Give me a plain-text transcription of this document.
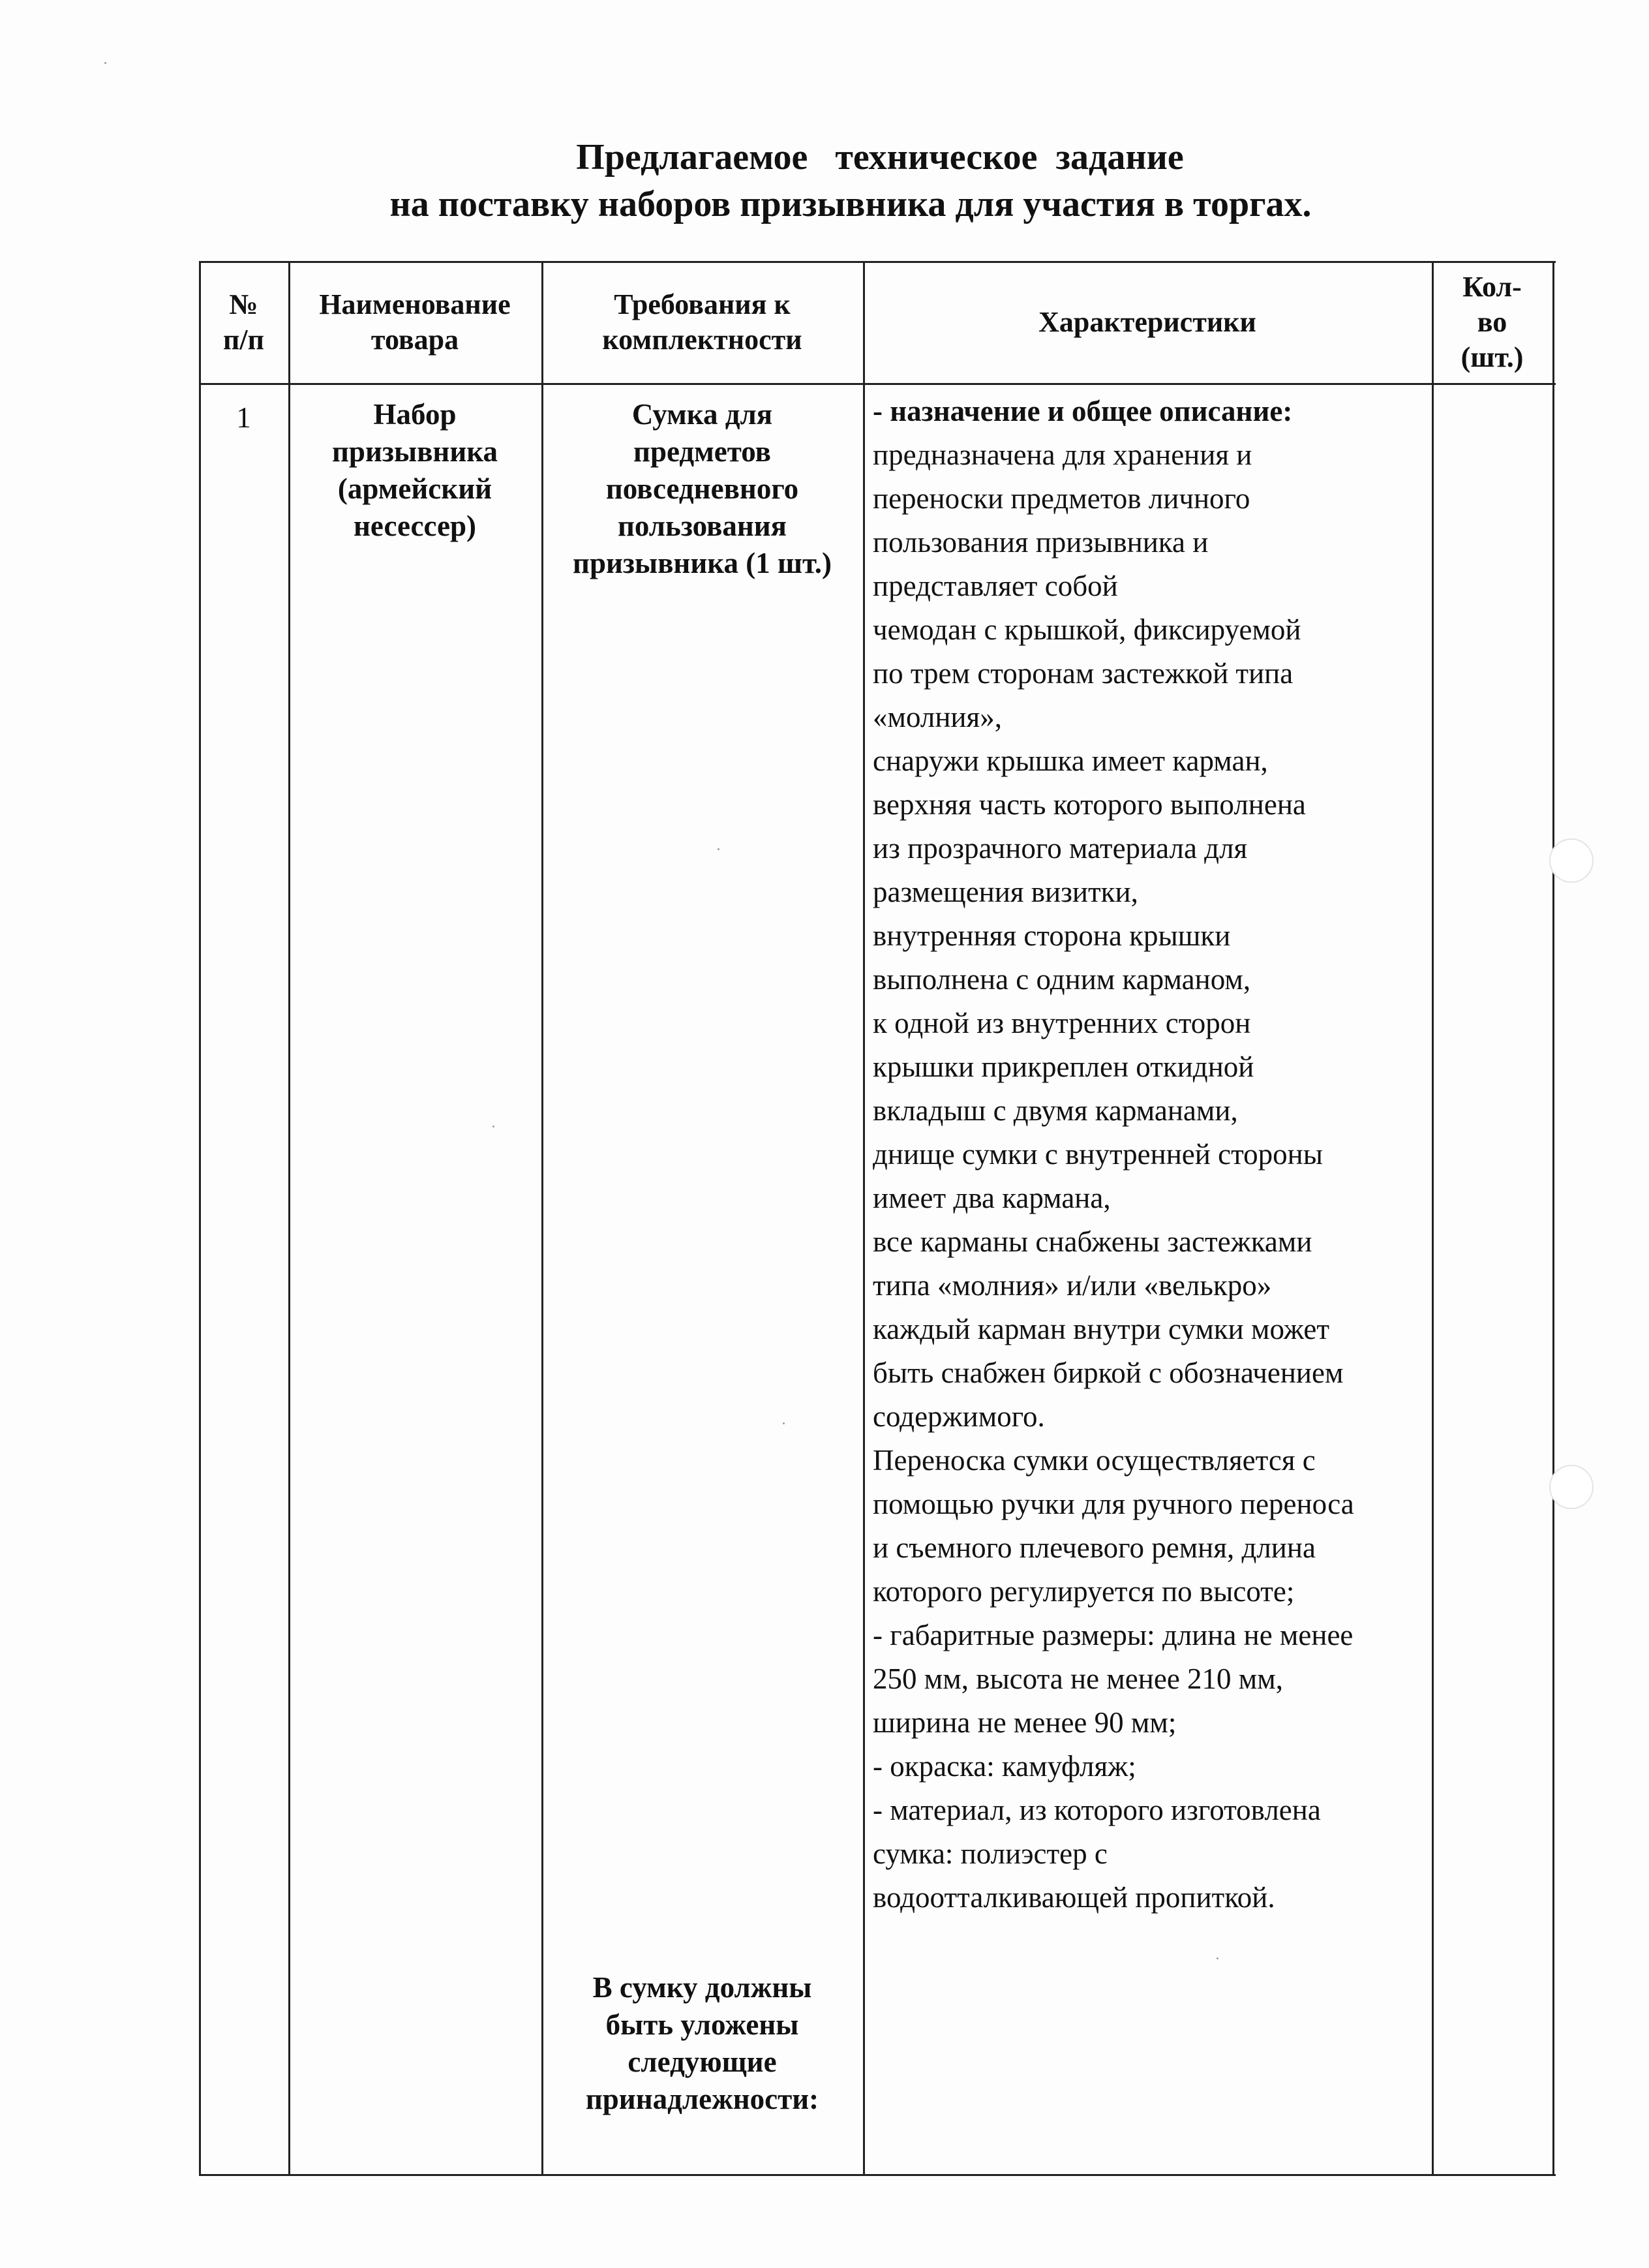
Предлагаемое   техническое  задание
на поставку наборов призывника для участия в торгах.
№
п/п
Наименование
товара
Требования к
комплектности
Характеристики
Кол-
во
(шт.)
1	Набор
призывника
(армейский
несессер)
Сумка для
предметов
повседневного
пользования
призывника (1 шт.)
В сумку должны
быть уложены
следующие
принадлежности:
- назначение и общее описание:
предназначена для хранения и
переноски предметов личного
пользования призывника и
представляет собой
чемодан с крышкой, фиксируемой
по трем сторонам застежкой типа
«молния»,
снаружи крышка имеет карман,
верхняя часть которого выполнена
из прозрачного материала для
размещения визитки,
внутренняя сторона крышки
выполнена с одним карманом,
к одной из внутренних сторон
крышки прикреплен откидной
вкладыш с двумя карманами,
днище сумки с внутренней стороны
имеет два кармана,
все карманы снабжены застежками
типа «молния» и/или «велькро»
каждый карман внутри сумки может
быть снабжен биркой с обозначением
содержимого.
Переноска сумки осуществляется с
помощью ручки для ручного переноса
и съемного плечевого ремня, длина
которого регулируется по высоте;
- габаритные размеры: длина не менее
250 мм, высота не менее 210 мм,
ширина не менее 90 мм;
- окраска: камуфляж;
- материал, из которого изготовлена
сумка: полиэстер с
водоотталкивающей пропиткой.
